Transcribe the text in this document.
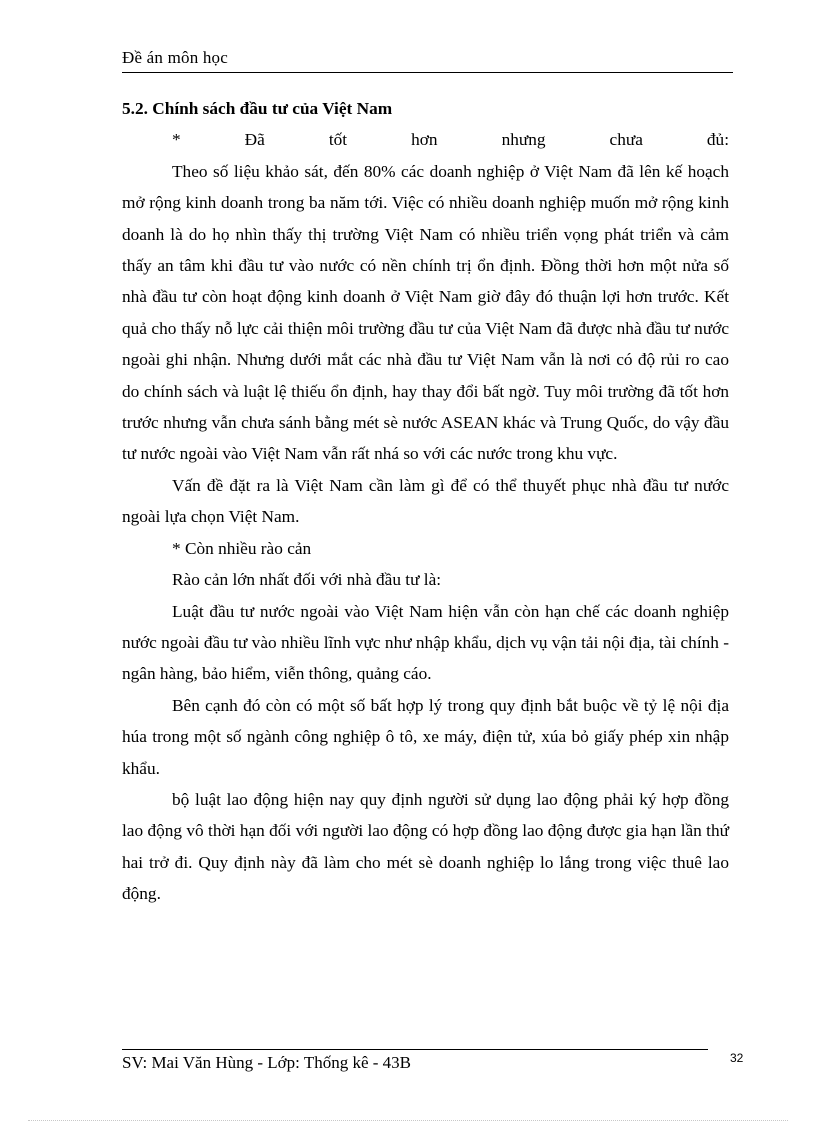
Đề án môn học
5.2. Chính sách đầu tư của Việt Nam

* Đã tốt hơn nhưng chưa đủ:

Theo số liệu khảo sát, đến 80% các doanh nghiệp ở Việt Nam đã lên kế hoạch mở rộng kinh doanh trong ba năm tới. Việc có nhiều doanh nghiệp muốn mở rộng kinh doanh là do họ nhìn thấy thị trường Việt Nam có nhiều triển vọng phát triển và cảm thấy an tâm khi đầu tư vào nước có nền chính trị ổn định. Đồng thời hơn một nửa số nhà đầu tư còn hoạt động kinh doanh ở Việt Nam giờ đây đó thuận lợi hơn trước. Kết quả cho thấy nỗ lực cải thiện môi trường đầu tư của Việt Nam đã được nhà đầu tư nước ngoài ghi nhận. Nhưng dưới mắt các nhà đầu tư Việt Nam vẫn là nơi có độ rủi ro cao do chính sách và luật lệ thiếu ổn định, hay thay đổi bất ngờ. Tuy môi trường đã tốt hơn trước nhưng vẫn chưa sánh bằng mét sè nước ASEAN khác và Trung Quốc, do vậy đầu tư nước ngoài vào Việt Nam vẫn rất nhá so với các nước trong khu vực.

Vấn đề đặt ra là Việt Nam cần làm gì để có thể thuyết phục nhà đầu tư nước ngoài lựa chọn Việt Nam.

* Còn nhiều rào cản

Rào cản lớn nhất đối với nhà đầu tư là:

Luật đầu tư nước ngoài vào Việt Nam hiện vẫn còn hạn chế các doanh nghiệp nước ngoài đầu tư vào nhiều lĩnh vực như nhập khẩu, dịch vụ vận tải nội địa, tài chính - ngân hàng, bảo hiểm, viễn thông, quảng cáo.

Bên cạnh đó còn có một số bất hợp lý trong quy định bắt buộc về tỷ lệ nội địa húa trong một số ngành công nghiệp ô tô, xe máy, điện tử, xúa bỏ giấy phép xin nhập khẩu.

bộ luật lao động hiện nay quy định người sử dụng lao động phải ký hợp đồng lao động vô thời hạn đối với người lao động có hợp đồng lao động được gia hạn lần thứ hai trở đi. Quy định này đã làm cho mét sè doanh nghiệp lo lắng trong việc thuê lao động.

SV: Mai Văn Hùng - Lớp: Thống kê - 43B	32
